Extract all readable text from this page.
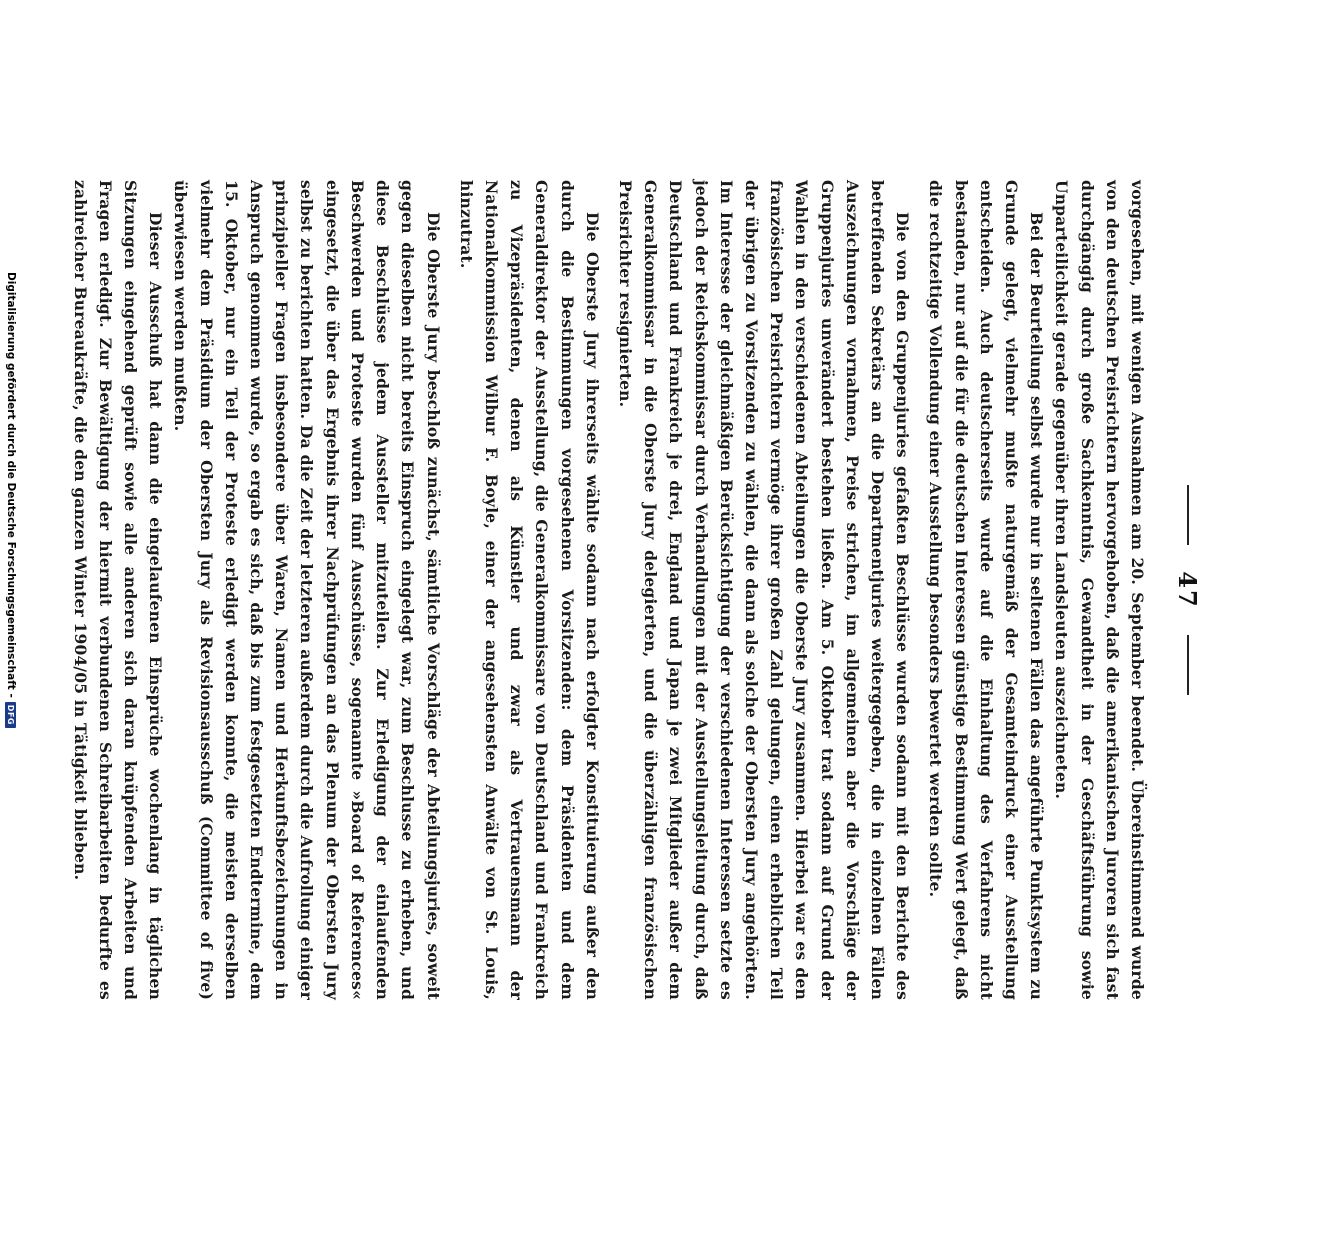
Digitalisierung gefördert durch die Deutsche Forschungsgemeinschaft -
DFG
47

vorgesehen, mit wenigen Ausnahmen am 20. September beendet. Übereinstimmend wurde von den deutschen Preisrichtern hervorgehoben, daß die amerikanischen Juroren sich fast durchgängig durch große Sachkenntnis, Gewandtheit in der Geschäftsführung sowie Unparteilichkeit gerade gegenüber ihren Landsleuten auszeichneten.

Bei der Beurteilung selbst wurde nur in seltenen Fällen das angeführte Punktsystem zu Grunde gelegt, vielmehr mußte naturgemäß der Gesamteindruck einer Ausstellung entscheiden. Auch deutscherseits wurde auf die Einhaltung des Verfahrens nicht bestanden, nur auf die für die deutschen Interessen günstige Bestimmung Wert gelegt, daß die rechtzeitige Vollendung einer Ausstellung besonders bewertet werden sollte.

Die von den Gruppenjuries gefaßten Beschlüsse wurden sodann mit den Berichte des betreffenden Sekretärs an die Departmentjuries weitergegeben, die in einzelnen Fällen Auszeichnungen vornahmen, Preise strichen, im allgemeinen aber die Vorschläge der Gruppenjuries unverändert bestehen ließen. Am 5. Oktober trat sodann auf Grund der Wahlen in den verschiedenen Abteilungen die Oberste Jury zusammen. Hierbei war es den französischen Preisrichtern vermöge ihrer großen Zahl gelungen, einen erheblichen Teil der übrigen zu Vorsitzenden zu wählen, die dann als solche der Obersten Jury angehörten. Im Interesse der gleichmäßigen Berücksichtigung der verschiedenen Interessen setzte es jedoch der Reichskommissar durch Verhandlungen mit der Ausstellungsleitung durch, daß Deutschland und Frankreich je drei, England und Japan je zwei Mitglieder außer dem Generalkommissar in die Oberste Jury delegierten, und die überzähligen französischen Preisrichter resignierten.

Die Oberste Jury ihrerseits wählte sodann nach erfolgter Konstituierung außer den durch die Bestimmungen vorgesehenen Vorsitzenden: dem Präsidenten und dem Generaldirektor der Ausstellung, die Generalkommissare von Deutschland und Frankreich zu Vizepräsidenten, denen als Künstler und zwar als Vertrauensmann der Nationalkommission Wilbur F. Boyle, einer der angesehensten Anwälte von St. Louis, hinzutrat.

Die Oberste Jury beschloß zunächst, sämtliche Vorschläge der Abteilungsjuries, soweit gegen dieselben nicht bereits Einspruch eingelegt war, zum Beschlusse zu erheben, und diese Beschlüsse jedem Aussteller mitzuteilen. Zur Erledigung der einlaufenden Beschwerden und Proteste wurden fünf Ausschüsse, sogenannte »Board of References« eingesetzt, die über das Ergebnis ihrer Nachprüfungen an das Plenum der Obersten Jury selbst zu berichten hatten. Da die Zeit der letzteren außerdem durch die Aufrollung einiger prinzipieller Fragen insbesondere über Waren, Namen und Herkunftsbezeichnungen in Anspruch genommen wurde, so ergab es sich, daß bis zum festgesetzten Endtermine, dem 15. Oktober, nur ein Teil der Proteste erledigt werden konnte, die meisten derselben vielmehr dem Präsidium der Obersten Jury als Revisionsausschuß (Committee of five) überwiesen werden mußten.

Dieser Ausschuß hat dann die eingelaufenen Einsprüche wochenlang in täglichen Sitzungen eingehend geprüft sowie alle anderen sich daran knüpfenden Arbeiten und Fragen erledigt. Zur Bewältigung der hiermit verbundenen Schreibarbeiten bedurfte es zahlreicher Bureaukräfte, die den ganzen Winter 1904/05 in Tätigkeit blieben.
